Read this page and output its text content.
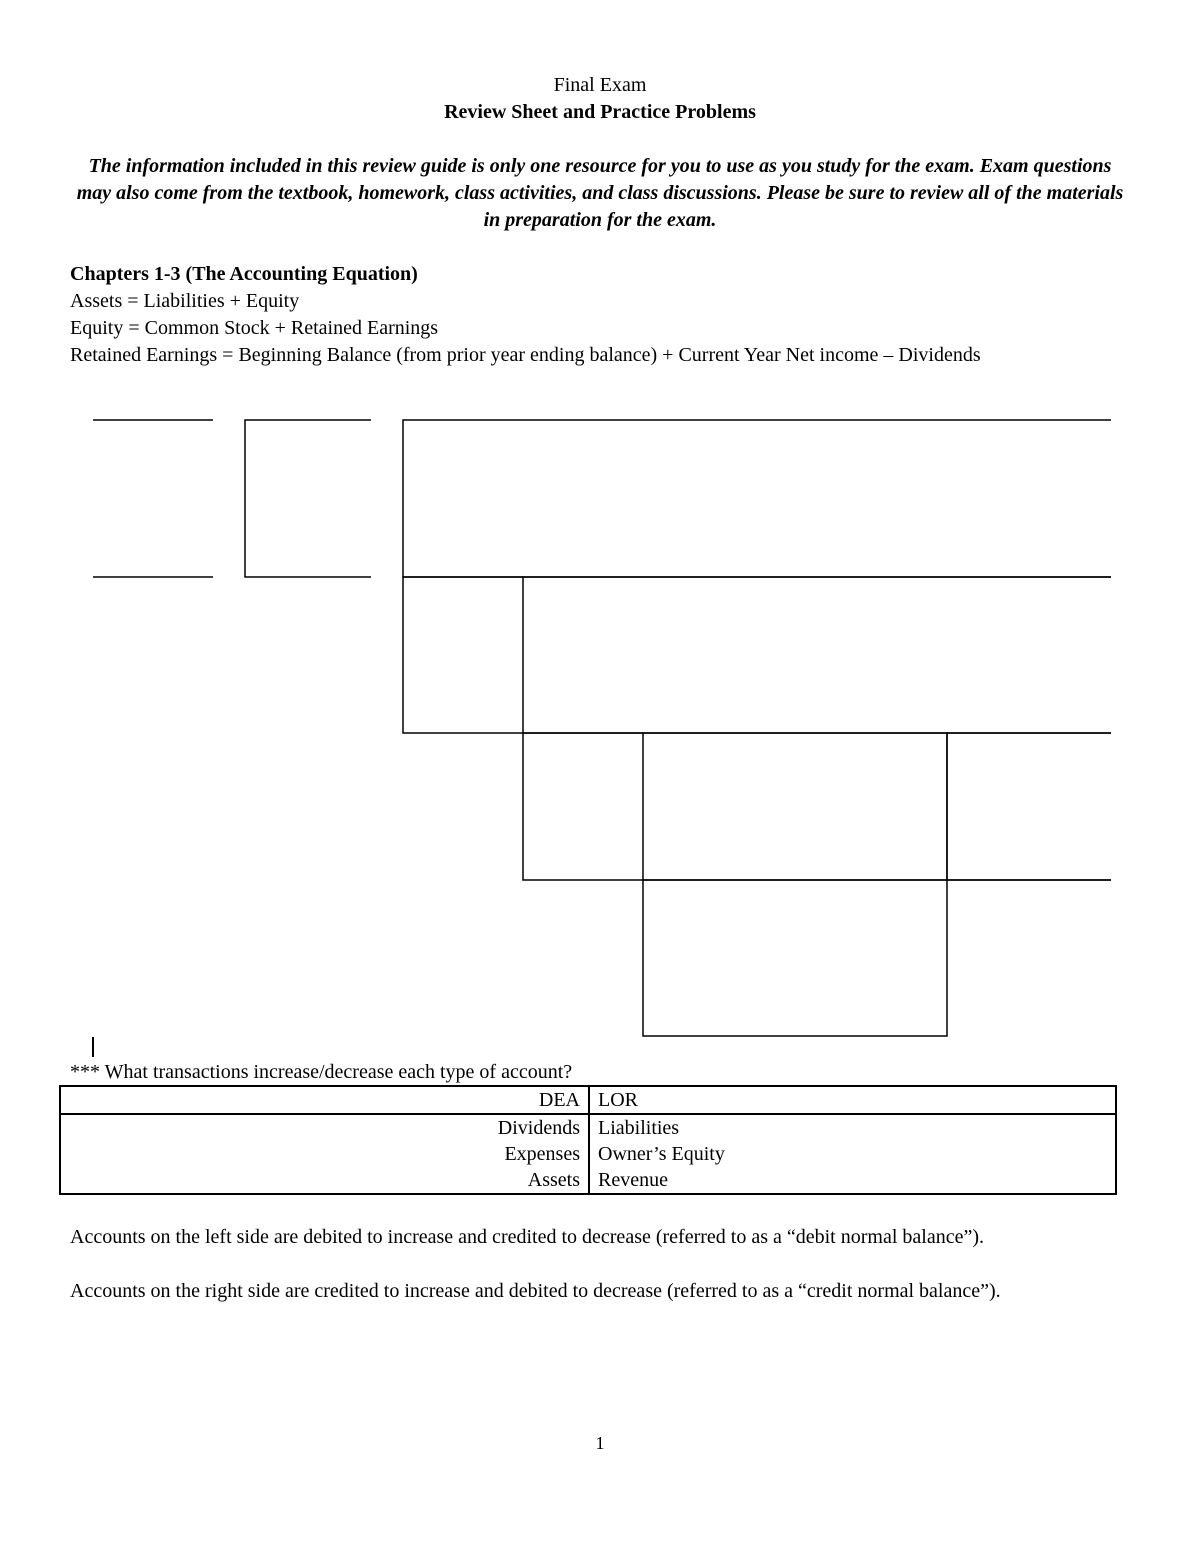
Final Exam
Review Sheet and Practice Problems
The information included in this review guide is only one resource for you to use as you study for the exam. Exam questions may also come from the textbook, homework, class activities, and class discussions. Please be sure to review all of the materials in preparation for the exam.
Chapters 1-3 (The Accounting Equation)
Assets = Liabilities + Equity
Equity = Common Stock + Retained Earnings
Retained Earnings = Beginning Balance (from prior year ending balance) + Current Year Net income – Dividends
*** What transactions increase/decrease each type of account?
DEA	LOR
Dividends	Liabilities
Expenses	Owner’s Equity
Assets	Revenue
Accounts on the left side are debited to increase and credited to decrease (referred to as a “debit normal balance”).
Accounts on the right side are credited to increase and debited to decrease (referred to as a “credit normal balance”).
1
